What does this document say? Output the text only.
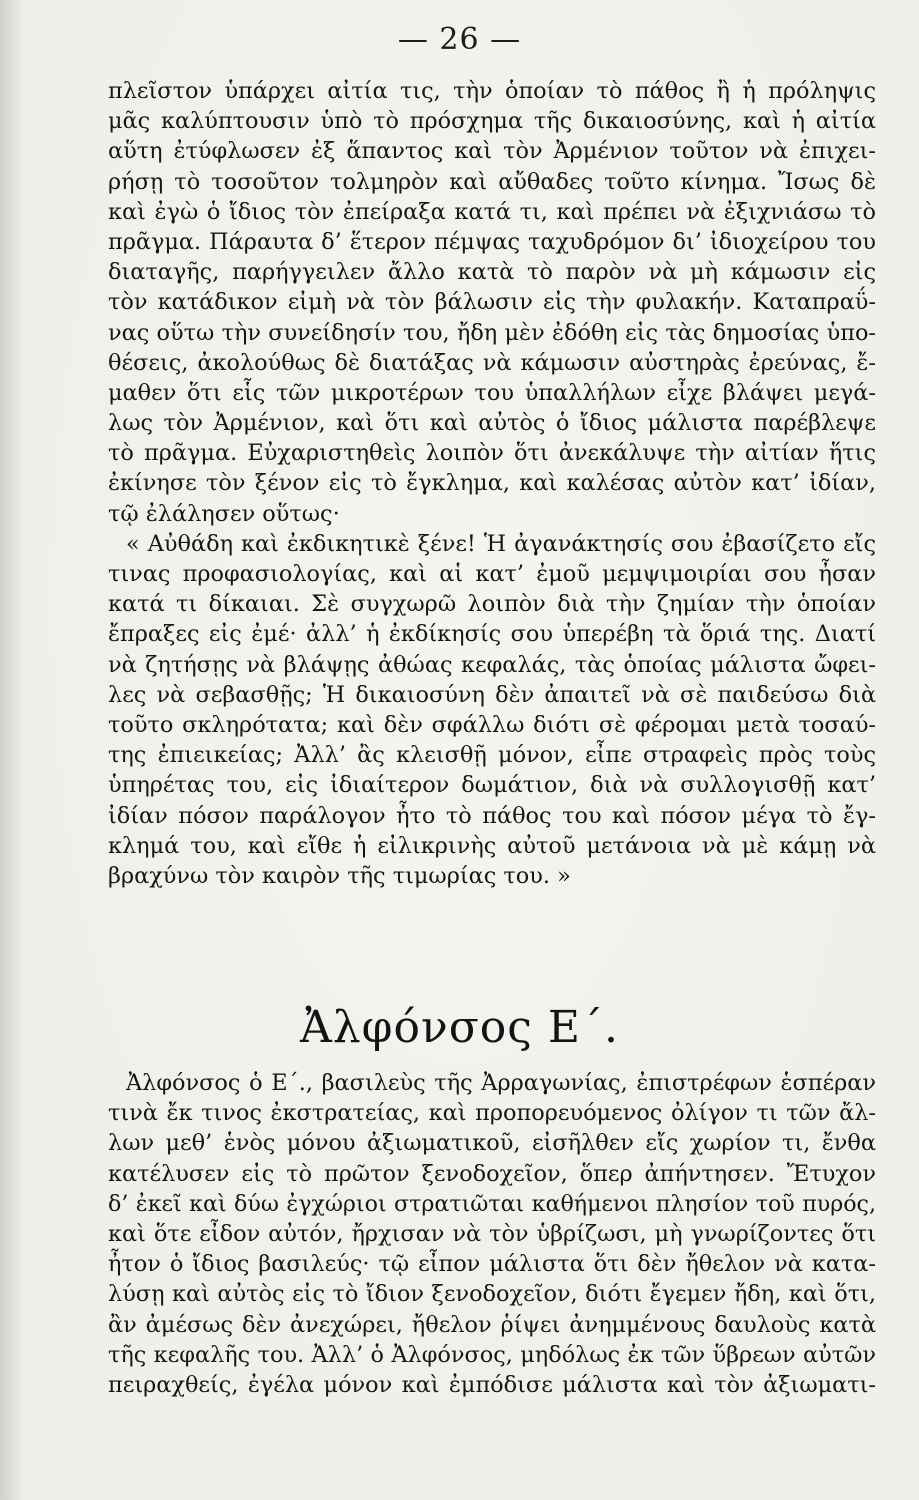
— 26 —
πλεῖστον ὑπάρχει αἰτία τις, τὴν ὁποίαν τὸ πάθος ἢ ἡ πρόληψις
μᾶς καλύπτουσιν ὑπὸ τὸ πρόσχημα τῆς δικαιοσύνης, καὶ ἡ αἰτία
αὕτη ἐτύφλωσεν ἐξ ἅπαντος καὶ τὸν Ἀρμένιον τοῦτον νὰ ἐπιχει-
ρήσῃ τὸ τοσοῦτον τολμηρὸν καὶ αὔθαδες τοῦτο κίνημα. Ἴσως δὲ
καὶ ἐγὼ ὁ ἴδιος τὸν ἐπείραξα κατά τι, καὶ πρέπει νὰ ἐξιχνιάσω τὸ
πρᾶγμα. Πάραυτα δ’ ἕτερον πέμψας ταχυδρόμον δι’ ἰδιοχείρου του
διαταγῆς, παρήγγειλεν ἄλλο κατὰ τὸ παρὸν νὰ μὴ κάμωσιν εἰς
τὸν κατάδικον εἰμὴ νὰ τὸν βάλωσιν εἰς τὴν φυλακήν. Καταπραΰ-
νας οὕτω τὴν συνείδησίν του, ἤδη μὲν ἐδόθη εἰς τὰς δημοσίας ὑπο-
θέσεις, ἀκολούθως δὲ διατάξας νὰ κάμωσιν αὐστηρὰς ἐρεύνας, ἔ-
μαθεν ὅτι εἷς τῶν μικροτέρων του ὑπαλλήλων εἶχε βλάψει μεγά-
λως τὸν Ἀρμένιον, καὶ ὅτι καὶ αὐτὸς ὁ ἴδιος μάλιστα παρέβλεψε
τὸ πρᾶγμα. Εὐχαριστηθεὶς λοιπὸν ὅτι ἀνεκάλυψε τὴν αἰτίαν ἥτις
ἐκίνησε τὸν ξένον εἰς τὸ ἔγκλημα, καὶ καλέσας αὐτὸν κατ’ ἰδίαν,
τῷ ἐλάλησεν οὕτως·
« Αὐθάδη καὶ ἐκδικητικὲ ξένε! Ἡ ἀγανάκτησίς σου ἐβασίζετο εἴς
τινας προφασιολογίας, καὶ αἱ κατ’ ἐμοῦ μεμψιμοιρίαι σου ἦσαν
κατά τι δίκαιαι. Σὲ συγχωρῶ λοιπὸν διὰ τὴν ζημίαν τὴν ὁποίαν
ἔπραξες εἰς ἐμέ· ἀλλ’ ἡ ἐκδίκησίς σου ὑπερέβη τὰ ὅριά της. Διατί
νὰ ζητήσῃς νὰ βλάψῃς ἀθώας κεφαλάς, τὰς ὁποίας μάλιστα ὤφει-
λες νὰ σεβασθῇς; Ἡ δικαιοσύνη δὲν ἀπαιτεῖ νὰ σὲ παιδεύσω διὰ
τοῦτο σκληρότατα; καὶ δὲν σφάλλω διότι σὲ φέρομαι μετὰ τοσαύ-
της ἐπιεικείας; Ἀλλ’ ἂς κλεισθῇ μόνον, εἶπε στραφεὶς πρὸς τοὺς
ὑπηρέτας του, εἰς ἰδιαίτερον δωμάτιον, διὰ νὰ συλλογισθῇ κατ’
ἰδίαν πόσον παράλογον ἦτο τὸ πάθος του καὶ πόσον μέγα τὸ ἔγ-
κλημά του, καὶ εἴθε ἡ εἰλικρινὴς αὐτοῦ μετάνοια νὰ μὲ κάμῃ νὰ
βραχύνω τὸν καιρὸν τῆς τιμωρίας του. »
Ἀλφόνσος Ε΄.
Ἀλφόνσος ὁ Ε΄., βασιλεὺς τῆς Ἀρραγωνίας, ἐπιστρέφων ἑσπέραν
τινὰ ἔκ τινος ἐκστρατείας, καὶ προπορευόμενος ὀλίγον τι τῶν ἄλ-
λων μεθ’ ἑνὸς μόνου ἀξιωματικοῦ, εἰσῆλθεν εἴς χωρίον τι, ἔνθα
κατέλυσεν εἰς τὸ πρῶτον ξενοδοχεῖον, ὅπερ ἀπήντησεν. Ἔτυχον
δ’ ἐκεῖ καὶ δύω ἐγχώριοι στρατιῶται καθήμενοι πλησίον τοῦ πυρός,
καὶ ὅτε εἶδον αὐτόν, ἤρχισαν νὰ τὸν ὑβρίζωσι, μὴ γνωρίζοντες ὅτι
ἦτον ὁ ἴδιος βασιλεύς· τῷ εἶπον μάλιστα ὅτι δὲν ἤθελον νὰ κατα-
λύσῃ καὶ αὐτὸς εἰς τὸ ἴδιον ξενοδοχεῖον, διότι ἔγεμεν ἤδη, καὶ ὅτι,
ἂν ἀμέσως δὲν ἀνεχώρει, ἤθελον ῥίψει ἀνημμένους δαυλοὺς κατὰ
τῆς κεφαλῆς του. Ἀλλ’ ὁ Ἀλφόνσος, μηδόλως ἐκ τῶν ὕβρεων αὐτῶν
πειραχθείς, ἐγέλα μόνον καὶ ἐμπόδισε μάλιστα καὶ τὸν ἀξιωματι-
